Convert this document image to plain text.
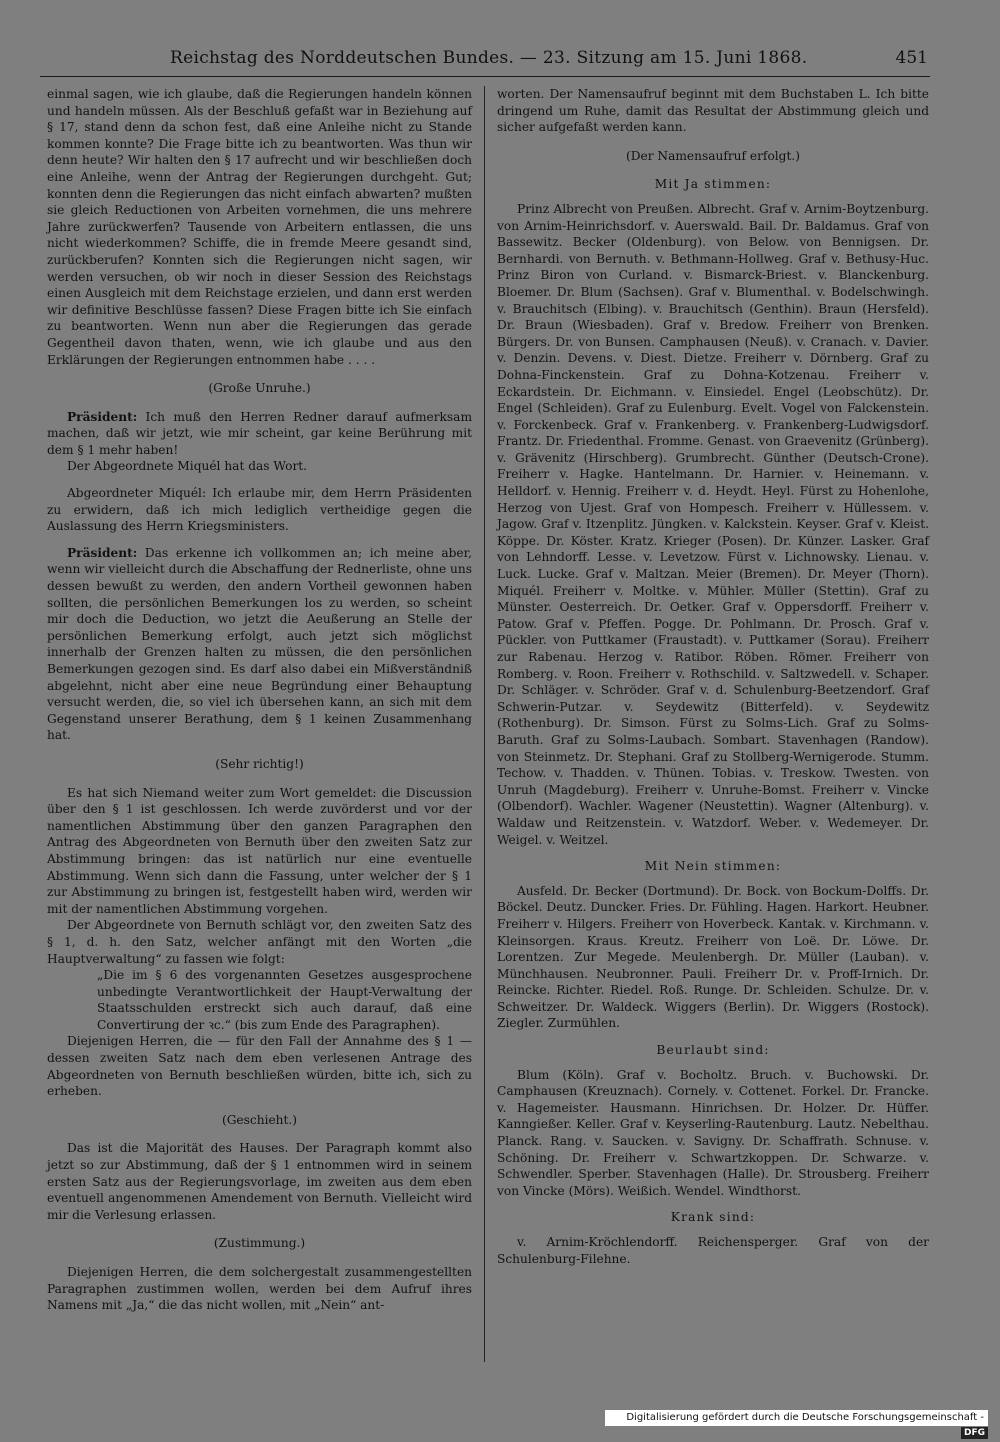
Reichstag des Norddeutschen Bundes. — 23. Sitzung am 15. Juni 1868.	451

einmal sagen, wie ich glaube, daß die Regierungen handeln können und handeln müssen. Als der Beschluß gefaßt war in Beziehung auf § 17, stand denn da schon fest, daß eine Anleihe nicht zu Stande kommen konnte? Die Frage bitte ich zu beantworten. Was thun wir denn heute? Wir halten den § 17 aufrecht und wir beschließen doch eine Anleihe, wenn der Antrag der Regierungen durchgeht. Gut; konnten denn die Regierungen das nicht einfach abwarten? mußten sie gleich Reductionen von Arbeiten vornehmen, die uns mehrere Jahre zurückwerfen? Tausende von Arbeitern entlassen, die uns nicht wiederkommen? Schiffe, die in fremde Meere gesandt sind, zurückberufen? Konnten sich die Regierungen nicht sagen, wir werden versuchen, ob wir noch in dieser Session des Reichstags einen Ausgleich mit dem Reichstage erzielen, und dann erst werden wir definitive Beschlüsse fassen? Diese Fragen bitte ich Sie einfach zu beantworten. Wenn nun aber die Regierungen das gerade Gegentheil davon thaten, wenn, wie ich glaube und aus den Erklärungen der Regierungen entnommen habe . . . .

(Große Unruhe.)

Präsident: Ich muß den Herren Redner darauf aufmerksam machen, daß wir jetzt, wie mir scheint, gar keine Berührung mit dem § 1 mehr haben!

Der Abgeordnete Miquél hat das Wort.

Abgeordneter Miquél: Ich erlaube mir, dem Herrn Präsidenten zu erwidern, daß ich mich lediglich vertheidige gegen die Auslassung des Herrn Kriegsministers.

Präsident: Das erkenne ich vollkommen an; ich meine aber, wenn wir vielleicht durch die Abschaffung der Rednerliste, ohne uns dessen bewußt zu werden, den andern Vortheil gewonnen haben sollten, die persönlichen Bemerkungen los zu werden, so scheint mir doch die Deduction, wo jetzt die Aeußerung an Stelle der persönlichen Bemerkung erfolgt, auch jetzt sich möglichst innerhalb der Grenzen halten zu müssen, die den persönlichen Bemerkungen gezogen sind. Es darf also dabei ein Mißverständniß abgelehnt, nicht aber eine neue Begründung einer Behauptung versucht werden, die, so viel ich übersehen kann, an sich mit dem Gegenstand unserer Berathung, dem § 1 keinen Zusammenhang hat.

(Sehr richtig!)

Es hat sich Niemand weiter zum Wort gemeldet: die Discussion über den § 1 ist geschlossen. Ich werde zuvörderst und vor der namentlichen Abstimmung über den ganzen Paragraphen den Antrag des Abgeordneten von Bernuth über den zweiten Satz zur Abstimmung bringen: das ist natürlich nur eine eventuelle Abstimmung. Wenn sich dann die Fassung, unter welcher der § 1 zur Abstimmung zu bringen ist, festgestellt haben wird, werden wir mit der namentlichen Abstimmung vorgehen.

Der Abgeordnete von Bernuth schlägt vor, den zweiten Satz des § 1, d. h. den Satz, welcher anfängt mit den Worten „die Hauptverwaltung“ zu fassen wie folgt:

„Die im § 6 des vorgenannten Gesetzes ausgesprochene unbedingte Verantwortlichkeit der Haupt-Verwaltung der Staatsschulden erstreckt sich auch darauf, daß eine Convertirung der ꝛc.“ (bis zum Ende des Paragraphen).

Diejenigen Herren, die — für den Fall der Annahme des § 1 — dessen zweiten Satz nach dem eben verlesenen Antrage des Abgeordneten von Bernuth beschließen würden, bitte ich, sich zu erheben.

(Geschieht.)

Das ist die Majorität des Hauses. Der Paragraph kommt also jetzt so zur Abstimmung, daß der § 1 entnommen wird in seinem ersten Satz aus der Regierungsvorlage, im zweiten aus dem eben eventuell angenommenen Amendement von Bernuth. Vielleicht wird mir die Verlesung erlassen.

(Zustimmung.)

Diejenigen Herren, die dem solchergestalt zusammengestellten Paragraphen zustimmen wollen, werden bei dem Aufruf ihres Namens mit „Ja,“ die das nicht wollen, mit „Nein“ ant-

worten. Der Namensaufruf beginnt mit dem Buchstaben L. Ich bitte dringend um Ruhe, damit das Resultat der Abstimmung gleich und sicher aufgefaßt werden kann.

(Der Namensaufruf erfolgt.)

Mit Ja stimmen:

Prinz Albrecht von Preußen. Albrecht. Graf v. Arnim-Boytzenburg. von Arnim-Heinrichsdorf. v. Auerswald. Bail. Dr. Baldamus. Graf von Bassewitz. Becker (Oldenburg). von Below. von Bennigsen. Dr. Bernhardi. von Bernuth. v. Bethmann-Hollweg. Graf v. Bethusy-Huc. Prinz Biron von Curland. v. Bismarck-Briest. v. Blanckenburg. Bloemer. Dr. Blum (Sachsen). Graf v. Blumenthal. v. Bodelschwingh. v. Brauchitsch (Elbing). v. Brauchitsch (Genthin). Braun (Hersfeld). Dr. Braun (Wiesbaden). Graf v. Bredow. Freiherr von Brenken. Bürgers. Dr. von Bunsen. Camphausen (Neuß). v. Cranach. v. Davier. v. Denzin. Devens. v. Diest. Dietze. Freiherr v. Dörnberg. Graf zu Dohna-Finckenstein. Graf zu Dohna-Kotzenau. Freiherr v. Eckardstein. Dr. Eichmann. v. Einsiedel. Engel (Leobschütz). Dr. Engel (Schleiden). Graf zu Eulenburg. Evelt. Vogel von Falckenstein. v. Forckenbeck. Graf v. Frankenberg. v. Frankenberg-Ludwigsdorf. Frantz. Dr. Friedenthal. Fromme. Genast. von Graevenitz (Grünberg). v. Grävenitz (Hirschberg). Grumbrecht. Günther (Deutsch-Crone). Freiherr v. Hagke. Hantelmann. Dr. Harnier. v. Heinemann. v. Helldorf. v. Hennig. Freiherr v. d. Heydt. Heyl. Fürst zu Hohenlohe, Herzog von Ujest. Graf von Hompesch. Freiherr v. Hüllessem. v. Jagow. Graf v. Itzenplitz. Jüngken. v. Kalckstein. Keyser. Graf v. Kleist. Köppe. Dr. Köster. Kratz. Krieger (Posen). Dr. Künzer. Lasker. Graf von Lehndorff. Lesse. v. Levetzow. Fürst v. Lichnowsky. Lienau. v. Luck. Lucke. Graf v. Maltzan. Meier (Bremen). Dr. Meyer (Thorn). Miquél. Freiherr v. Moltke. v. Mühler. Müller (Stettin). Graf zu Münster. Oesterreich. Dr. Oetker. Graf v. Oppersdorff. Freiherr v. Patow. Graf v. Pfeffen. Pogge. Dr. Pohlmann. Dr. Prosch. Graf v. Pückler. von Puttkamer (Fraustadt). v. Puttkamer (Sorau). Freiherr zur Rabenau. Herzog v. Ratibor. Röben. Römer. Freiherr von Romberg. v. Roon. Freiherr v. Rothschild. v. Saltzwedell. v. Schaper. Dr. Schläger. v. Schröder. Graf v. d. Schulenburg-Beetzendorf. Graf Schwerin-Putzar. v. Seydewitz (Bitterfeld). v. Seydewitz (Rothenburg). Dr. Simson. Fürst zu Solms-Lich. Graf zu Solms-Baruth. Graf zu Solms-Laubach. Sombart. Stavenhagen (Randow). von Steinmetz. Dr. Stephani. Graf zu Stollberg-Wernigerode. Stumm. Techow. v. Thadden. v. Thünen. Tobias. v. Treskow. Twesten. von Unruh (Magdeburg). Freiherr v. Unruhe-Bomst. Freiherr v. Vincke (Olbendorf). Wachler. Wagener (Neustettin). Wagner (Altenburg). v. Waldaw und Reitzenstein. v. Watzdorf. Weber. v. Wedemeyer. Dr. Weigel. v. Weitzel.

Mit Nein stimmen:

Ausfeld. Dr. Becker (Dortmund). Dr. Bock. von Bockum-Dolffs. Dr. Böckel. Deutz. Duncker. Fries. Dr. Fühling. Hagen. Harkort. Heubner. Freiherr v. Hilgers. Freiherr von Hoverbeck. Kantak. v. Kirchmann. v. Kleinsorgen. Kraus. Kreutz. Freiherr von Loë. Dr. Löwe. Dr. Lorentzen. Zur Megede. Meulenbergh. Dr. Müller (Lauban). v. Münchhausen. Neubronner. Pauli. Freiherr Dr. v. Proff-Irnich. Dr. Reincke. Richter. Riedel. Roß. Runge. Dr. Schleiden. Schulze. Dr. v. Schweitzer. Dr. Waldeck. Wiggers (Berlin). Dr. Wiggers (Rostock). Ziegler. Zurmühlen.

Beurlaubt sind:

Blum (Köln). Graf v. Bocholtz. Bruch. v. Buchowski. Dr. Camphausen (Kreuznach). Cornely. v. Cottenet. Forkel. Dr. Francke. v. Hagemeister. Hausmann. Hinrichsen. Dr. Holzer. Dr. Hüffer. Kanngießer. Keller. Graf v. Keyserling-Rautenburg. Lautz. Nebelthau. Planck. Rang. v. Saucken. v. Savigny. Dr. Schaffrath. Schnuse. v. Schöning. Dr. Freiherr v. Schwartzkoppen. Dr. Schwarze. v. Schwendler. Sperber. Stavenhagen (Halle). Dr. Strousberg. Freiherr von Vincke (Mörs). Weißich. Wendel. Windthorst.

Krank sind:

v. Arnim-Kröchlendorff. Reichensperger. Graf von der Schulenburg-Filehne.

Digitalisierung gefördert durch die Deutsche Forschungsgemeinschaft -DFG
